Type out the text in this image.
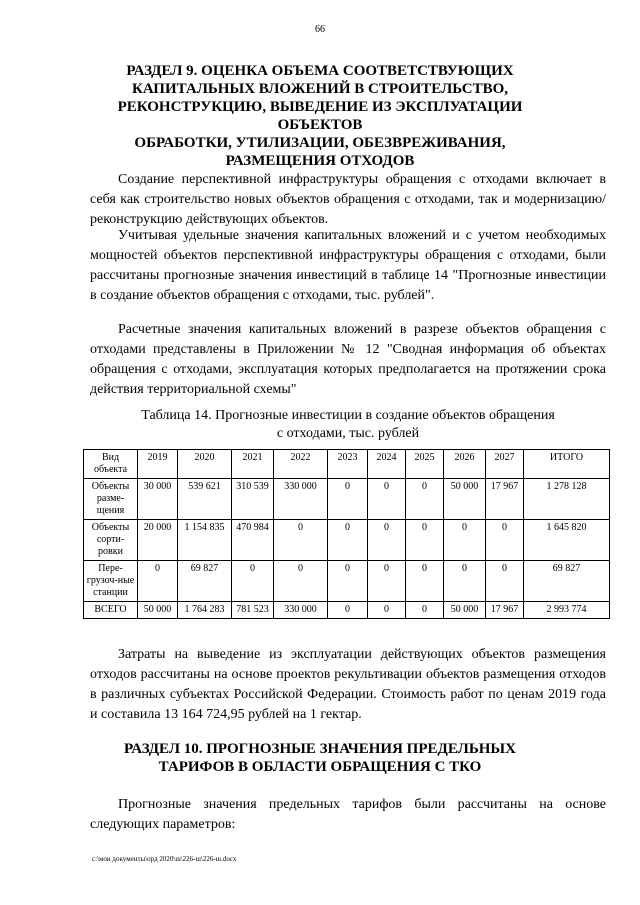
66
РАЗДЕЛ 9. ОЦЕНКА ОБЪЕМА СООТВЕТСТВУЮЩИХ
КАПИТАЛЬНЫХ ВЛОЖЕНИЙ В СТРОИТЕЛЬСТВО,
РЕКОНСТРУКЦИЮ, ВЫВЕДЕНИЕ ИЗ ЭКСПЛУАТАЦИИ ОБЪЕКТОВ
ОБРАБОТКИ, УТИЛИЗАЦИИ, ОБЕЗВРЕЖИВАНИЯ,
РАЗМЕЩЕНИЯ ОТХОДОВ

Создание перспективной инфраструктуры обращения с отходами включает в себя как строительство новых объектов обращения с отходами, так и модернизацию/реконструкцию действующих объектов.

Учитывая удельные значения капитальных вложений и с учетом необходимых мощностей объектов перспективной инфраструктуры обращения с отходами, были рассчитаны прогнозные значения инвестиций в таблице 14 "Прогнозные инвестиции в создание объектов обращения с отходами, тыс. рублей".

Расчетные значения капитальных вложений в разрезе объектов обращения с отходами представлены в Приложении № 12 "Сводная информация об объектах обращения с отходами, эксплуатация которых предполагается на протяжении срока действия территориальной схемы"

Таблица 14. Прогнозные инвестиции в создание объектов обращения
с отходами, тыс. рублей
Вид объекта	2019	2020	2021	2022	2023	2024	2025	2026	2027	ИТОГО
Объекты разме-щения	30 000	539 621	310 539	330 000	0	0	0	50 000	17 967	1 278 128
Объекты сорти-ровки	20 000	1 154 835	470 984	0	0	0	0	0	0	1 645 820
Пере-грузоч-ные станции	0	69 827	0	0	0	0	0	0	0	69 827
ВСЕГО	50 000	1 764 283	781 523	330 000	0	0	0	50 000	17 967	2 993 774

Затраты на выведение из эксплуатации действующих объектов размещения отходов рассчитаны на основе проектов рекультивации объектов размещения отходов в различных субъектах Российской Федерации. Стоимость работ по ценам 2019 года и составила 13 164 724,95 рублей на 1 гектар.

РАЗДЕЛ 10. ПРОГНОЗНЫЕ ЗНАЧЕНИЯ ПРЕДЕЛЬНЫХ
ТАРИФОВ В ОБЛАСТИ ОБРАЩЕНИЯ С ТКО

Прогнозные значения предельных тарифов были рассчитаны на основе следующих параметров:

c:\мои документы\орд 2020\ш\226-ш\226-ш.docx
